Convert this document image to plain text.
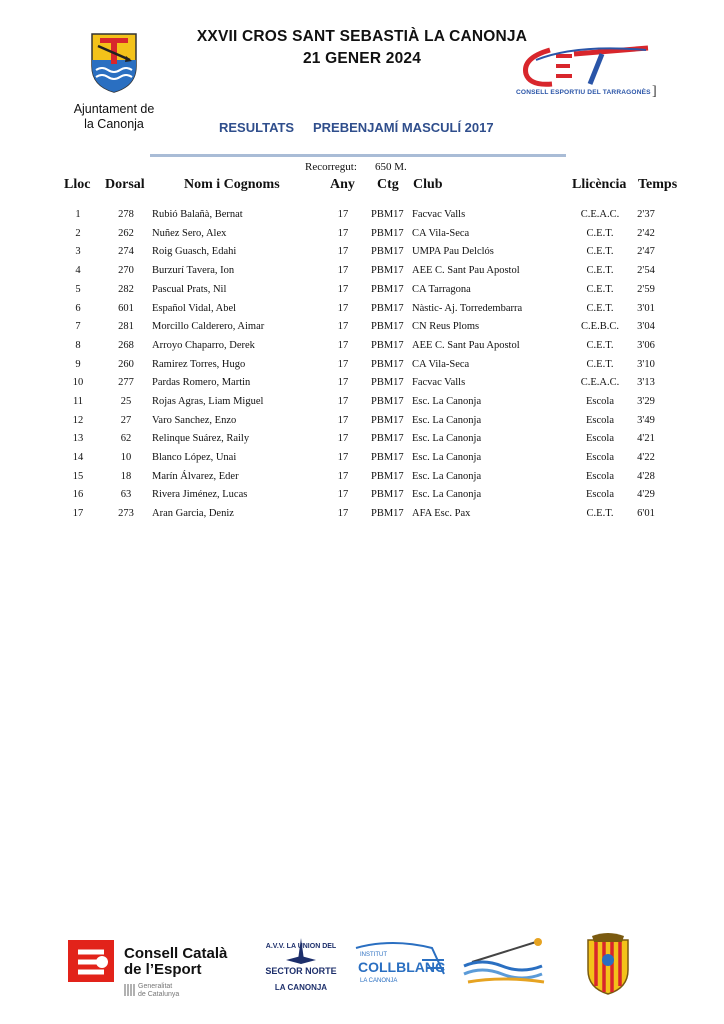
XXVII CROS SANT SEBASTIÀ LA CANONJA
21 GENER 2024
Ajuntament de
la Canonja
CET
CONSELL ESPORTIU DEL TARRAGONÈS ]
RESULTATS PREBENJAMÍ MASCULÍ 2017
Recorregut: 650 M.
Lloc Dorsal	Nom i Cognoms	Any Ctg Club	Llicència Temps
1	278	Rubió Balañà, Bernat	17	PBM17 Facvac Valls	C.E.A.C.	2'37
2	262	Nuñez Sero, Alex	17	PBM17 CA Vila-Seca	C.E.T.	2'42
3	274	Roig Guasch, Edahi	17	PBM17 UMPA Pau Delclós	C.E.T.	2'47
4	270	Burzurí Tavera, Ion	17	PBM17 AEE C. Sant Pau Apostol	C.E.T.	2'54
5	282	Pascual Prats, Nil	17	PBM17 CA Tarragona	C.E.T.	2'59
6	601	Español Vidal, Abel	17	PBM17 Nàstic- Aj. Torredembarra	C.E.T.	3'01
7	281	Morcillo Calderero, Aimar	17	PBM17 CN Reus Ploms	C.E.B.C.	3'04
8	268	Arroyo Chaparro, Derek	17	PBM17 AEE C. Sant Pau Apostol	C.E.T.	3'06
9	260	Ramirez Torres, Hugo	17	PBM17 CA Vila-Seca	C.E.T.	3'10
10	277	Pardas Romero, Martin	17	PBM17 Facvac Valls	C.E.A.C.	3'13
11	25	Rojas Agras, Liam Miguel	17	PBM17 Esc. La Canonja	Escola	3'29
12	27	Varo Sanchez, Enzo	17	PBM17 Esc. La Canonja	Escola	3'49
13	62	Relinque Suárez, Raily	17	PBM17 Esc. La Canonja	Escola	4'21
14	10	Blanco López, Unai	17	PBM17 Esc. La Canonja	Escola	4'22
15	18	Marín Álvarez, Eder	17	PBM17 Esc. La Canonja	Escola	4'28
16	63	Rivera Jiménez, Lucas	17	PBM17 Esc. La Canonja	Escola	4'29
17	273	Aran Garcia, Deniz	17	PBM17 AFA Esc. Pax	C.E.T.	6'01
Consell Català
de l’Esport
Generalitat
de Catalunya
A.V.V. LA UNION DEL
SECTOR NORTE
LA CANONJA
INSTITUT
COLLBLANC
LA CANONJA
